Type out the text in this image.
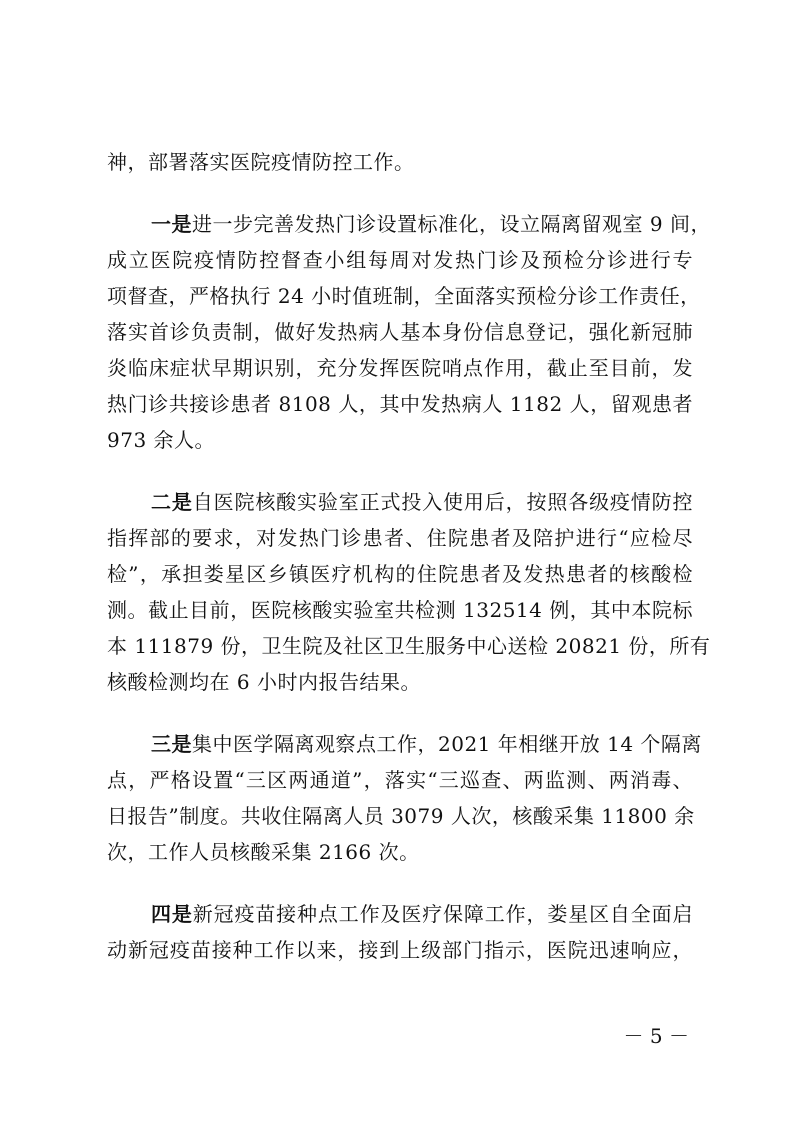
神，部署落实医院疫情防控工作。
一是进一步完善发热门诊设置标准化，设立隔离留观室 9 间，
成立医院疫情防控督查小组每周对发热门诊及预检分诊进行专
项督查，严格执行 24 小时值班制，全面落实预检分诊工作责任，
落实首诊负责制，做好发热病人基本身份信息登记，强化新冠肺
炎临床症状早期识别，充分发挥医院哨点作用，截止至目前，发
热门诊共接诊患者 8108 人，其中发热病人 1182 人，留观患者
973 余人。
二是自医院核酸实验室正式投入使用后，按照各级疫情防控
指挥部的要求，对发热门诊患者、住院患者及陪护进行“应检尽
检”，承担娄星区乡镇医疗机构的住院患者及发热患者的核酸检
测。截止目前，医院核酸实验室共检测 132514 例，其中本院标
本 111879 份，卫生院及社区卫生服务中心送检 20821 份，所有
核酸检测均在 6 小时内报告结果。
三是集中医学隔离观察点工作，2021 年相继开放 14 个隔离
点，严格设置“三区两通道”，落实“三巡查、两监测、两消毒、
日报告”制度。共收住隔离人员 3079 人次，核酸采集 11800 余
次，工作人员核酸采集 2166 次。
四是新冠疫苗接种点工作及医疗保障工作，娄星区自全面启
动新冠疫苗接种工作以来，接到上级部门指示，医院迅速响应，
－ 5 －
